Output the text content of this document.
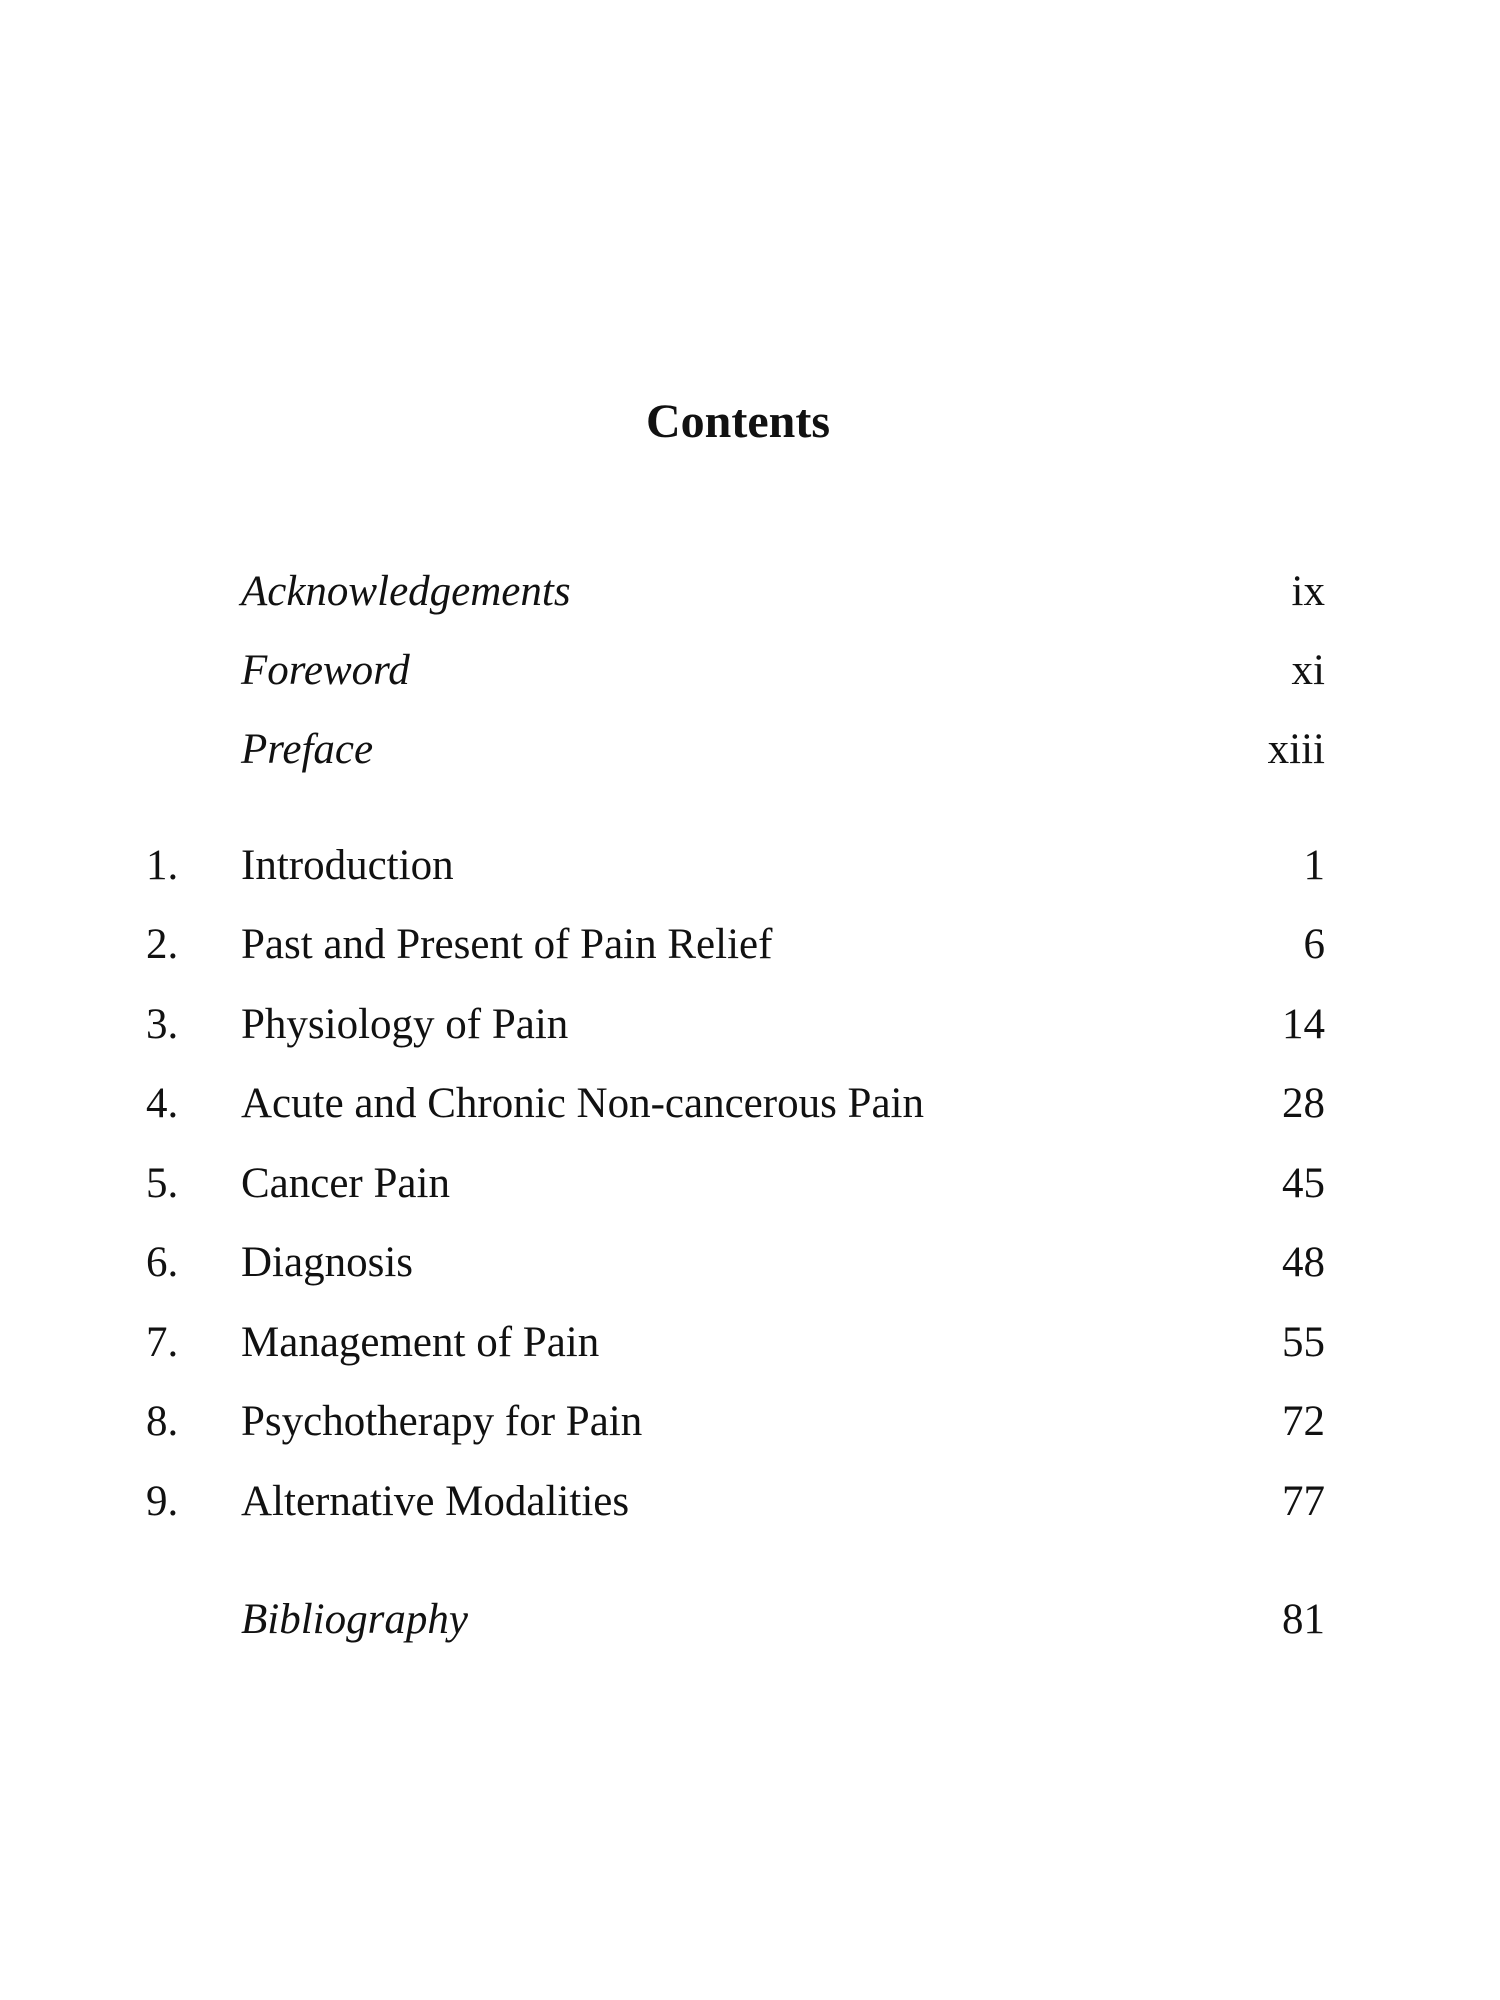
Contents
Acknowledgements	ix
Foreword	xi
Preface	xiii
1. Introduction	1
2. Past and Present of Pain Relief	6
3. Physiology of Pain	14
4. Acute and Chronic Non-cancerous Pain	28
5. Cancer Pain	45
6. Diagnosis	48
7. Management of Pain	55
8. Psychotherapy for Pain	72
9. Alternative Modalities	77
Bibliography	81
